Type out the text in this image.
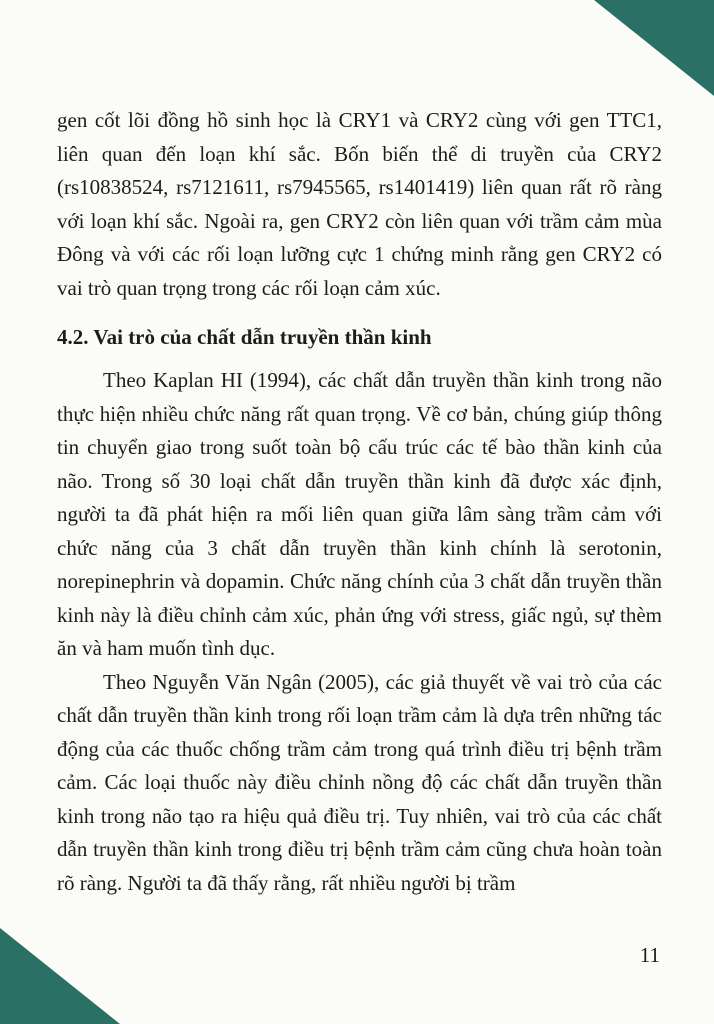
gen cốt lõi đồng hồ sinh học là CRY1 và CRY2 cùng với gen TTC1, liên quan đến loạn khí sắc. Bốn biến thể di truyền của CRY2 (rs10838524, rs7121611, rs7945565, rs1401419) liên quan rất rõ ràng với loạn khí sắc. Ngoài ra, gen CRY2 còn liên quan với trầm cảm mùa Đông và với các rối loạn lưỡng cực 1 chứng minh rằng gen CRY2 có vai trò quan trọng trong các rối loạn cảm xúc.

4.2. Vai trò của chất dẫn truyền thần kinh

Theo Kaplan HI (1994), các chất dẫn truyền thần kinh trong não thực hiện nhiều chức năng rất quan trọng. Về cơ bản, chúng giúp thông tin chuyển giao trong suốt toàn bộ cấu trúc các tế bào thần kinh của não. Trong số 30 loại chất dẫn truyền thần kinh đã được xác định, người ta đã phát hiện ra mối liên quan giữa lâm sàng trầm cảm với chức năng của 3 chất dẫn truyền thần kinh chính là serotonin, norepinephrin và dopamin. Chức năng chính của 3 chất dẫn truyền thần kinh này là điều chỉnh cảm xúc, phản ứng với stress, giấc ngủ, sự thèm ăn và ham muốn tình dục.

Theo Nguyễn Văn Ngân (2005), các giả thuyết về vai trò của các chất dẫn truyền thần kinh trong rối loạn trầm cảm là dựa trên những tác động của các thuốc chống trầm cảm trong quá trình điều trị bệnh trầm cảm. Các loại thuốc này điều chỉnh nồng độ các chất dẫn truyền thần kinh trong não tạo ra hiệu quả điều trị. Tuy nhiên, vai trò của các chất dẫn truyền thần kinh trong điều trị bệnh trầm cảm cũng chưa hoàn toàn rõ ràng. Người ta đã thấy rằng, rất nhiều người bị trầm

11
